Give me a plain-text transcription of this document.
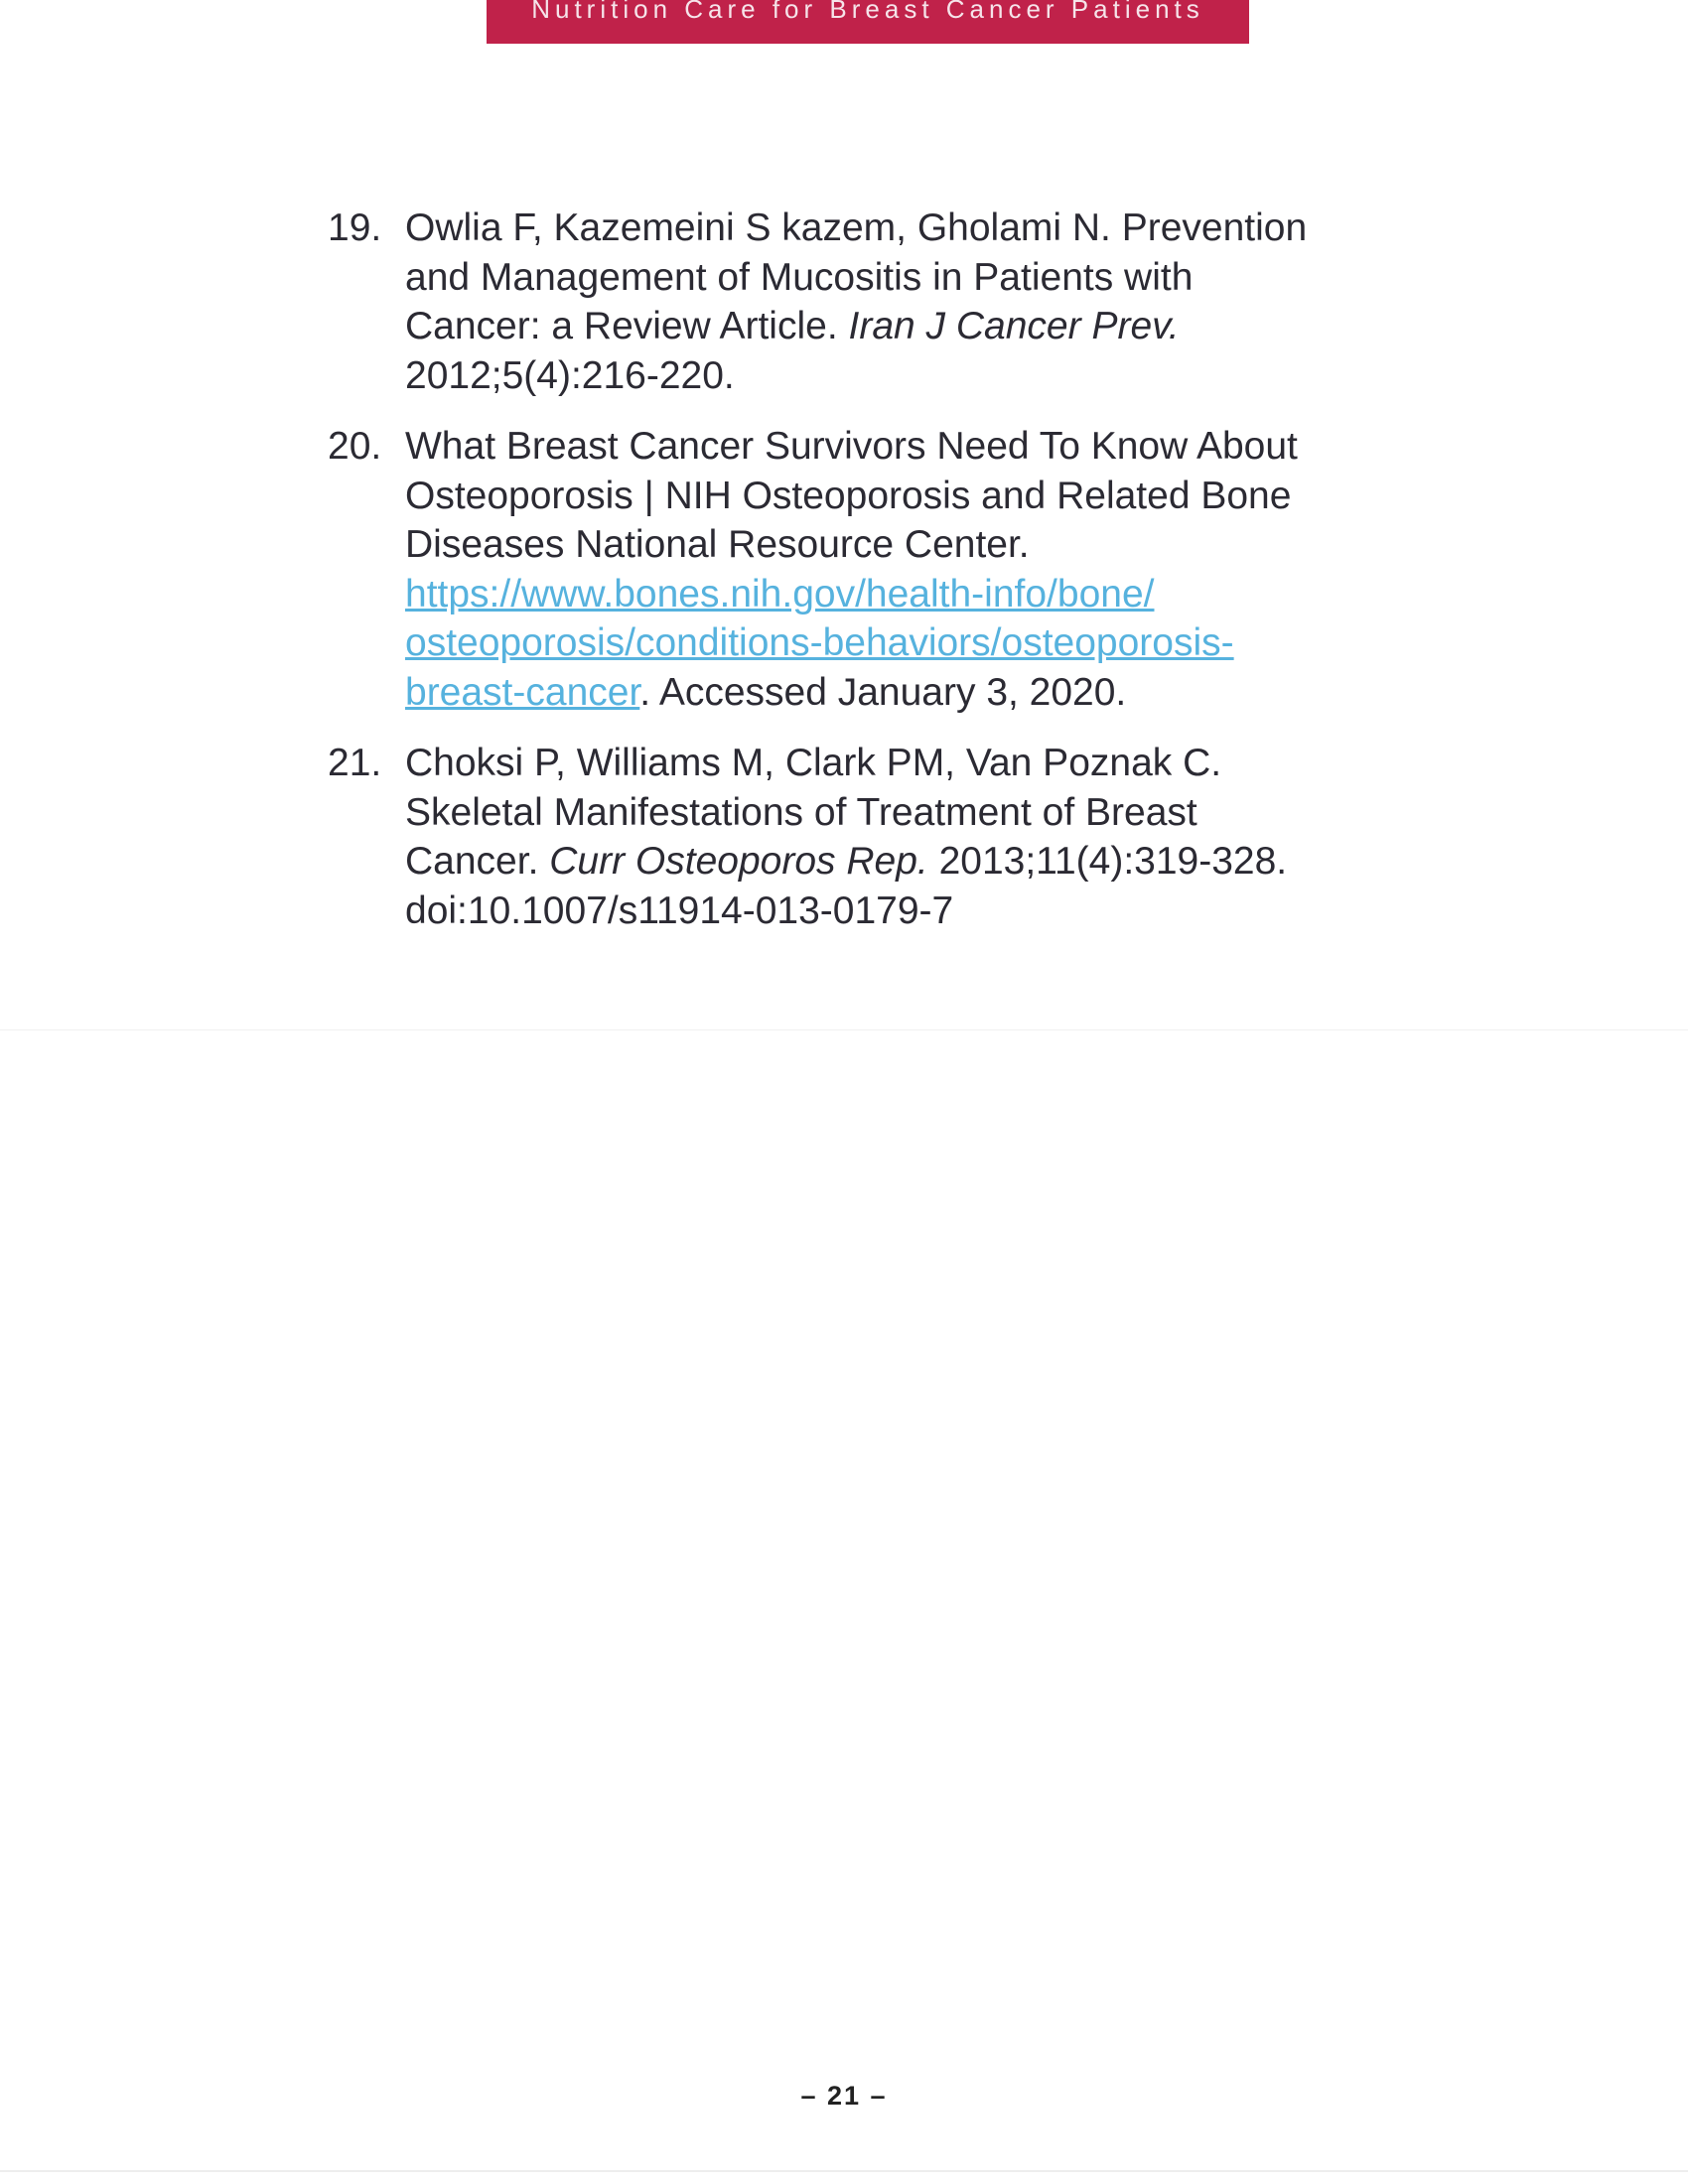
Nutrition Care for Breast Cancer Patients
19. Owlia F, Kazemeini S kazem, Gholami N. Prevention
and Management of Mucositis in Patients with
Cancer: a Review Article. Iran J Cancer Prev.
2012;5(4):216-220.
20. What Breast Cancer Survivors Need To Know About
Osteoporosis | NIH Osteoporosis and Related Bone
Diseases National Resource Center.
https://www.bones.nih.gov/health-info/bone/
osteoporosis/conditions-behaviors/osteoporosis-
breast-cancer. Accessed January 3, 2020.
21. Choksi P, Williams M, Clark PM, Van Poznak C.
Skeletal Manifestations of Treatment of Breast
Cancer. Curr Osteoporos Rep. 2013;11(4):319-328.
doi:10.1007/s11914-013-0179-7
– 21 –
